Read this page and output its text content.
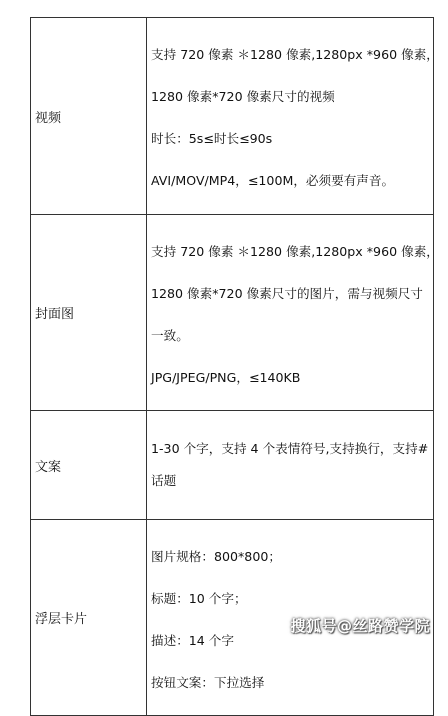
视频	支持 720 像素 ＊1280 像素,1280px *960 像素，

1280 像素*720 像素尺寸的视频

时长：5s≤时长≤90s

AVI/MOV/MP4，≤100M，必须要有声音。

封面图	支持 720 像素 ＊1280 像素,1280px *960 像素，

1280 像素*720 像素尺寸的图片，需与视频尺寸

一致。

JPG/JPEG/PNG，≤140KB

文案	1-30 个字，支持 4 个表情符号,支持换行，支持#

话题

浮层卡片	图片规格：800*800；

标题：10 个字；

描述：14 个字

按钮文案：下拉选择

搜狐号@丝路赞学院
